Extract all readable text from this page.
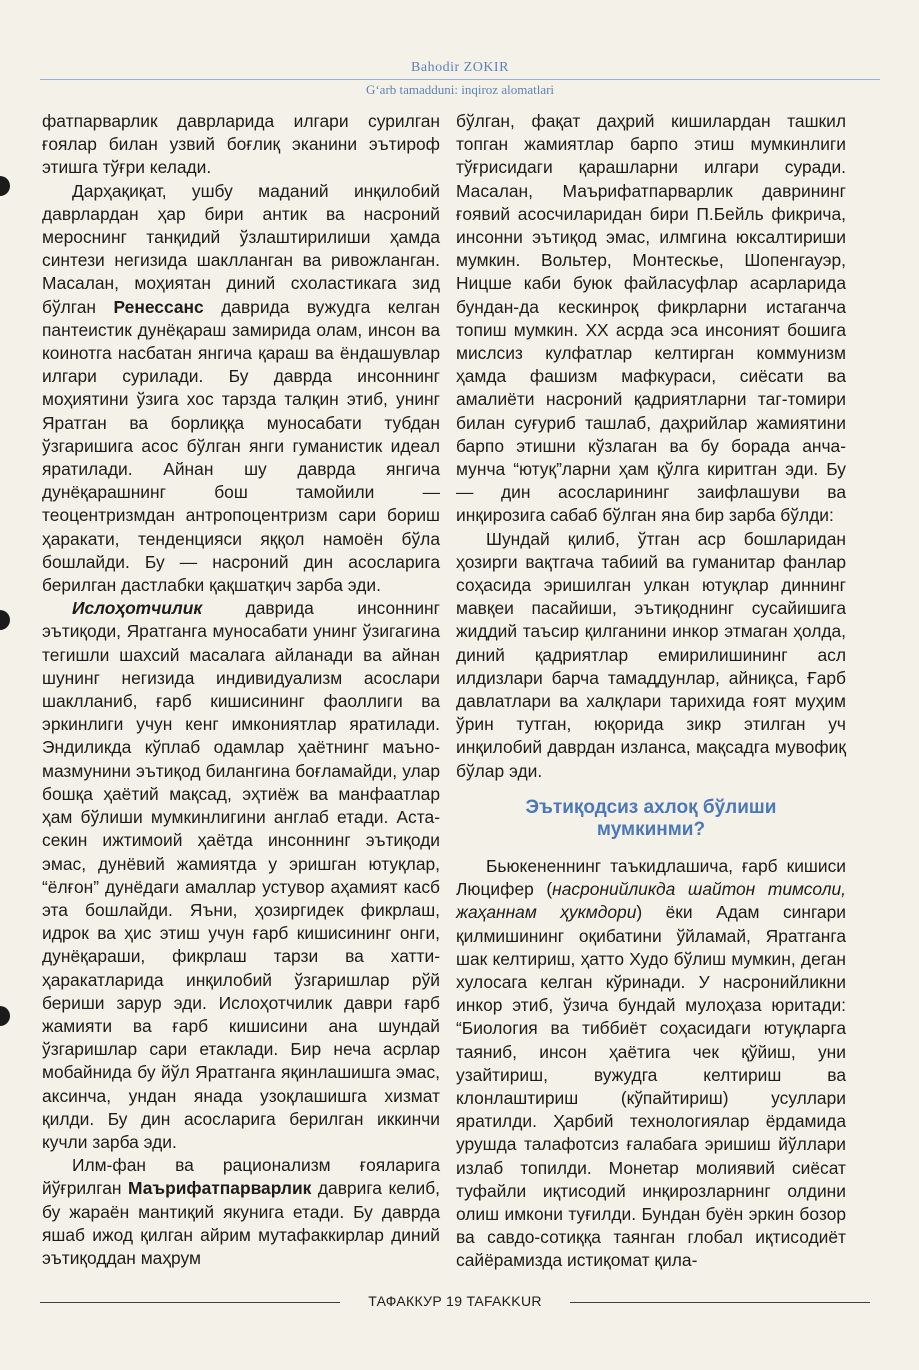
Bahodir ZOKIR
G‘arb tamadduni: inqiroz alomatlari

фатпарварлик даврларида илгари сурилган ғоялар билан узвий боғлиқ эканини эътироф этишга тўғри келади.

Дарҳақиқат, ушбу маданий инқилобий даврлардан ҳар бири антик ва насроний мероснинг танқидий ўзлаштирилиши ҳамда синтези негизида шаклланган ва ривожланган. Масалан, моҳиятан диний схоластикага зид бўлган Ренессанс даврида вужудга келган пантеистик дунёқараш замирида олам, инсон ва коинотга насбатан янгича қараш ва ёндашувлар илгари сурилади. Бу даврда инсоннинг моҳиятини ўзига хос тарзда талқин этиб, унинг Яратган ва борлиққа муносабати тубдан ўзгаришига асос бўлган янги гуманистик идеал яратилади. Айнан шу даврда янгича дунёқарашнинг бош тамойили — теоцентризмдан антропоцентризм сари бориш ҳаракати, тенденцияси яққол намоён бўла бошлайди. Бу — насроний дин асосларига берилган дастлабки қақшатқич зарба эди.

Ислоҳотчилик даврида инсоннинг эътиқоди, Яратганга муносабати унинг ўзигагина тегишли шахсий масалага айланади ва айнан шунинг негизида индивидуализм асослари шаклланиб, ғарб кишисининг фаоллиги ва эркинлиги учун кенг имкониятлар яратилади. Эндиликда кўплаб одамлар ҳаётнинг маъно-мазмунини эътиқод билангина боғламайди, улар бошқа ҳаётий мақсад, эҳтиёж ва манфаатлар ҳам бўлиши мумкинлигини англаб етади. Аста-секин ижтимоий ҳаётда инсоннинг эътиқоди эмас, дунёвий жамиятда у эришган ютуқлар, “ёлғон” дунёдаги амаллар устувор аҳамият касб эта бошлайди. Яъни, ҳозиргидек фикрлаш, идрок ва ҳис этиш учун ғарб кишисининг онги, дунёқараши, фикрлаш тарзи ва хатти-ҳаракатларида инқилобий ўзгаришлар рўй бериши зарур эди. Ислоҳотчилик даври ғарб жамияти ва ғарб кишисини ана шундай ўзгаришлар сари етаклади. Бир неча асрлар мобайнида бу йўл Яратганга яқинлашишга эмас, аксинча, ундан янада узоқлашишга хизмат қилди. Бу дин асосларига берилган иккинчи кучли зарба эди.

Илм-фан ва рационализм ғояларига йўғрилган Маърифатпарварлик даврига келиб, бу жараён мантиқий якунига етади. Бу даврда яшаб ижод қилган айрим мутафаккирлар диний эътиқоддан маҳрум

бўлган, фақат даҳрий кишилардан ташкил топган жамиятлар барпо этиш мумкинлиги тўғрисидаги қарашларни илгари суради. Масалан, Маърифатпарварлик даврининг ғоявий асосчиларидан бири П.Бейль фикрича, инсонни эътиқод эмас, илмгина юксалтириши мумкин. Вольтер, Монтескье, Шопенгауэр, Ницше каби буюк файласуфлар асарларида бундан-да кескинроқ фикрларни истаганча топиш мумкин. XX асрда эса инсоният бошига мислсиз кулфатлар келтирган коммунизм ҳамда фашизм мафкураси, сиёсати ва амалиёти насроний қадриятларни таг-томири билан суғуриб ташлаб, даҳрийлар жамиятини барпо этишни кўзлаган ва бу борада анча-мунча “ютуқ”ларни ҳам қўлга киритган эди. Бу — дин асосларининг заифлашуви ва инқирозига сабаб бўлган яна бир зарба бўлди:

Шундай қилиб, ўтган аср бошларидан ҳозирги вақтгача табиий ва гуманитар фанлар соҳасида эришилган улкан ютуқлар диннинг мавқеи пасайиши, эътиқоднинг сусайишига жиддий таъсир қилганини инкор этмаган ҳолда, диний қадриятлар емирилишининг асл илдизлари барча тамаддунлар, айниқса, Ғарб давлатлари ва халқлари тарихида ғоят муҳим ўрин тутган, юқорида зикр этилган уч инқилобий даврдан изланса, мақсадга мувофиқ бўлар эди.

Эътиқодсиз ахлоқ бўлиши
мумкинми?

Бьюкененнинг таъкидлашича, ғарб кишиси Люцифер (насронийликда шайтон тимсоли, жаҳаннам ҳукмдори) ёки Адам сингари қилмишининг оқибатини ўйламай, Яратганга шак келтириш, ҳатто Худо бўлиш мумкин, деган хулосага келган кўринади. У насронийликни инкор этиб, ўзича бундай мулоҳаза юритади: “Биология ва тиббиёт соҳасидаги ютуқларга таяниб, инсон ҳаётига чек қўйиш, уни узайтириш, вужудга келтириш ва клонлаштириш (кўпайтириш) усуллари яратилди. Ҳарбий технологиялар ёрдамида урушда талафотсиз ғалабага эришиш йўллари излаб топилди. Монетар молиявий сиёсат туфайли иқтисодий инқирозларнинг олдини олиш имкони туғилди. Бундан буён эркин бозор ва савдо-сотиққа таянган глобал иқтисодиёт сайёрамизда истиқомат қила-

ТАФАККУР 19 TAFAKKUR
